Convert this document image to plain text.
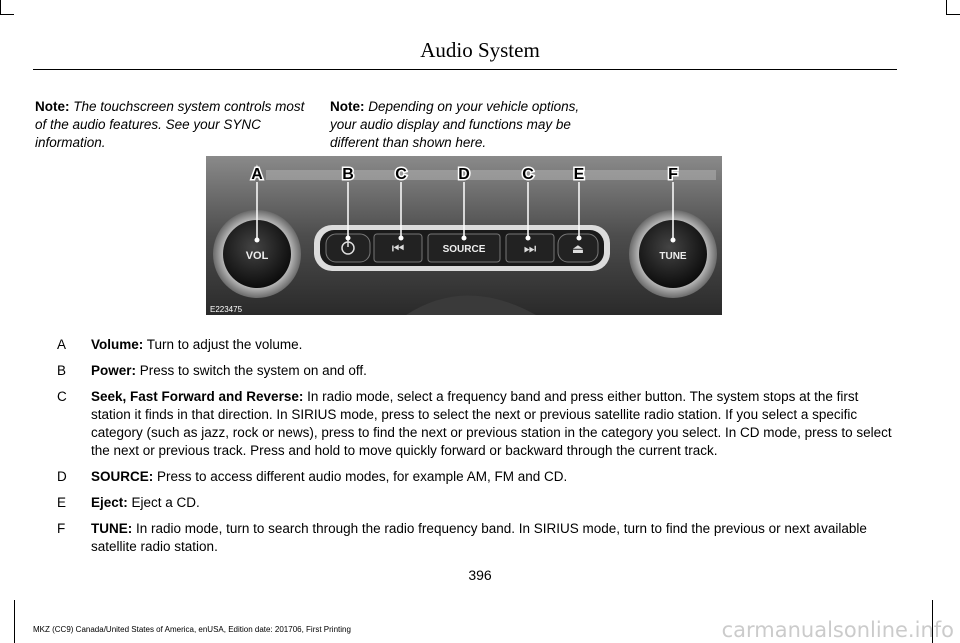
Audio System
Note: The touchscreen system controls most of the audio features. See your SYNC information.
Note: Depending on your vehicle options, your audio display and functions may be different than shown here.
⏮	⏭	⏏
VOL	TUNE
SOURCE
A	B	C	D	C E	F
E223475
A Volume: Turn to adjust the volume.
B Power: Press to switch the system on and off.
C Seek, Fast Forward and Reverse: In radio mode, select a frequency band and press either button. The system stops at the first station it finds in that direction. In SIRIUS mode, press to select the next or previous satellite radio station. If you select a specific category (such as jazz, rock or news), press to find the next or previous station in the category you select. In CD mode, press to select the next or previous track. Press and hold to move quickly forward or backward through the current track.
D SOURCE: Press to access different audio modes, for example AM, FM and CD.
E Eject: Eject a CD.
F TUNE: In radio mode, turn to search through the radio frequency band. In SIRIUS mode, turn to find the previous or next available satellite radio station.
396
MKZ (CC9) Canada/United States of America, enUSA, Edition date: 201706, First Printing	carmanualsonline.info
